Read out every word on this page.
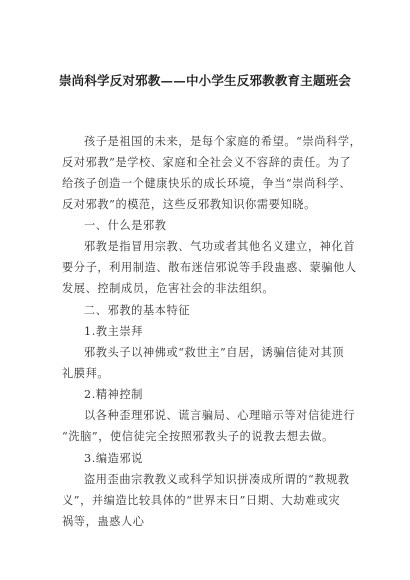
崇尚科学反对邪教——中小学生反邪教教育主题班会
孩子是祖国的未来，是每个家庭的希望。“崇尚科学，
反对邪教”是学校、家庭和全社会义不容辞的责任。为了
给孩子创造一个健康快乐的成长环境，争当“崇尚科学、
反对邪教”的模范，这些反邪教知识你需要知晓。
一、什么是邪教
邪教是指冒用宗教、气功或者其他名义建立，神化首
要分子，利用制造、散布迷信邪说等手段蛊惑、蒙骗他人
发展、控制成员，危害社会的非法组织。
二、邪教的基本特征
1.教主崇拜
邪教头子以神佛或“救世主”自居，诱骗信徒对其顶
礼膜拜。
2.精神控制
以各种歪理邪说、谎言骗局、心理暗示等对信徒进行
“洗脑”，使信徒完全按照邪教头子的说教去想去做。
3.编造邪说
盗用歪曲宗教教义或科学知识拼凑成所谓的“教规教
义”，并编造比较具体的“世界末日”日期、大劫难或灾
祸等，蛊惑人心
